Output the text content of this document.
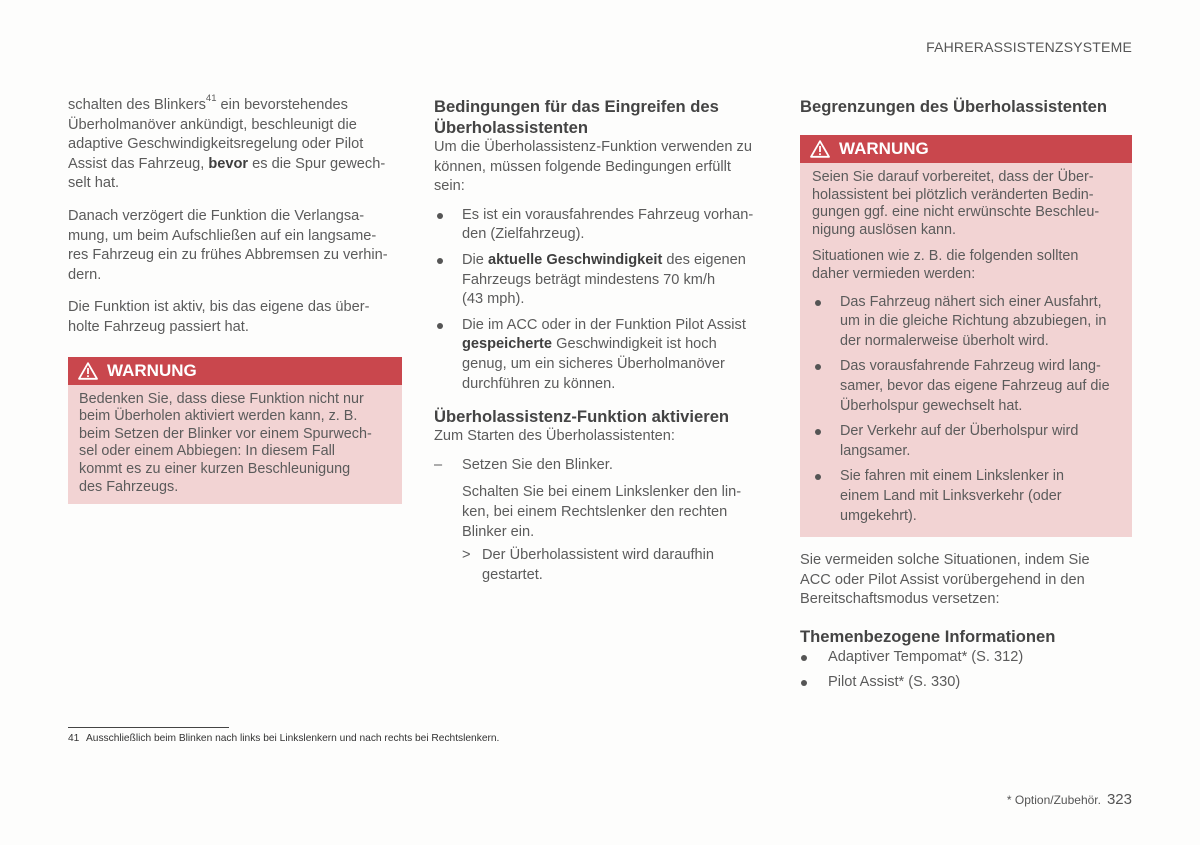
FAHRERASSISTENZSYSTEME

schalten des Blinkers$^{41}$ ein bevorstehendes
Überholmanöver ankündigt, beschleunigt die
adaptive Geschwindigkeitsregelung oder Pilot
Assist das Fahrzeug, bevor es die Spur gewech-
selt hat.

Danach verzögert die Funktion die Verlangsa-
mung, um beim Aufschließen auf ein langsame-
res Fahrzeug ein zu frühes Abbremsen zu verhin-
dern.

Die Funktion ist aktiv, bis das eigene das über-
holte Fahrzeug passiert hat.

WARNUNG
Bedenken Sie, dass diese Funktion nicht nur
beim Überholen aktiviert werden kann, z. B.
beim Setzen der Blinker vor einem Spurwech-
sel oder einem Abbiegen: In diesem Fall
kommt es zu einer kurzen Beschleunigung
des Fahrzeugs.
Bedingungen für das Eingreifen des
Überholassistenten

Um die Überholassistenz-Funktion verwenden zu
können, müssen folgende Bedingungen erfüllt
sein:

Es ist ein vorausfahrendes Fahrzeug vorhan-
den (Zielfahrzeug).
Die aktuelle Geschwindigkeit des eigenen
Fahrzeugs beträgt mindestens 70 km/h
(43 mph).
Die im ACC oder in der Funktion Pilot Assist
gespeicherte Geschwindigkeit ist hoch
genug, um ein sicheres Überholmanöver
durchführen zu können.
Überholassistenz-Funktion aktivieren

Zum Starten des Überholassistenten:

– Setzen Sie den Blinker.

Schalten Sie bei einem Linkslenker den lin-
ken, bei einem Rechtslenker den rechten
Blinker ein.

> Der Überholassistent wird daraufhin
gestartet.
Begrenzungen des Überholassistenten
WARNUNG

Seien Sie darauf vorbereitet, dass der Über-
holassistent bei plötzlich veränderten Bedin-
gungen ggf. eine nicht erwünschte Beschleu-
nigung auslösen kann.

Situationen wie z. B. die folgenden sollten
daher vermieden werden:

Das Fahrzeug nähert sich einer Ausfahrt,
um in die gleiche Richtung abzubiegen, in
der normalerweise überholt wird.
Das vorausfahrende Fahrzeug wird lang-
samer, bevor das eigene Fahrzeug auf die
Überholspur gewechselt hat.
Der Verkehr auf der Überholspur wird
langsamer.
Sie fahren mit einem Linkslenker in
einem Land mit Linksverkehr (oder
umgekehrt).

Sie vermeiden solche Situationen, indem Sie
ACC oder Pilot Assist vorübergehend in den
Bereitschaftsmodus versetzen:

Themenbezogene Informationen
Adaptiver Tempomat* (S. 312)
Pilot Assist* (S. 330)
41 Ausschließlich beim Blinken nach links bei Linkslenkern und nach rechts bei Rechtslenkern.
* Option/Zubehör. 323
